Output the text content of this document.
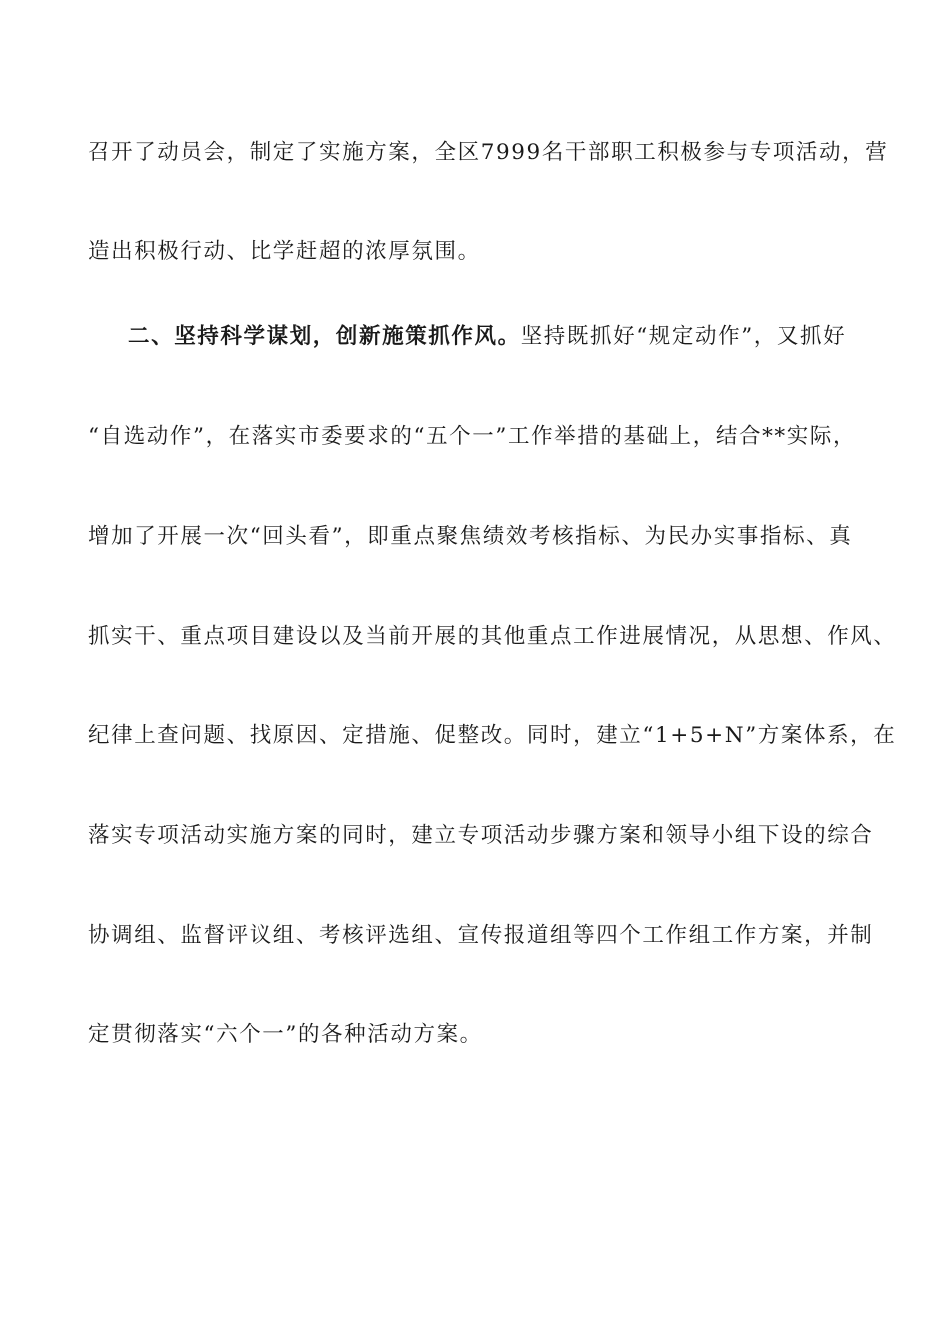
召开了动员会，制定了实施方案，全区7999名干部职工积极参与专项活动，营
造出积极行动、比学赶超的浓厚氛围。
二、坚持科学谋划，创新施策抓作风。坚持既抓好“规定动作”，又抓好
“自选动作”，在落实市委要求的“五个一”工作举措的基础上，结合**实际，
增加了开展一次“回头看”，即重点聚焦绩效考核指标、为民办实事指标、真
抓实干、重点项目建设以及当前开展的其他重点工作进展情况，从思想、作风、
纪律上查问题、找原因、定措施、促整改。同时，建立“1+5+N”方案体系，在
落实专项活动实施方案的同时，建立专项活动步骤方案和领导小组下设的综合
协调组、监督评议组、考核评选组、宣传报道组等四个工作组工作方案，并制
定贯彻落实“六个一”的各种活动方案。
